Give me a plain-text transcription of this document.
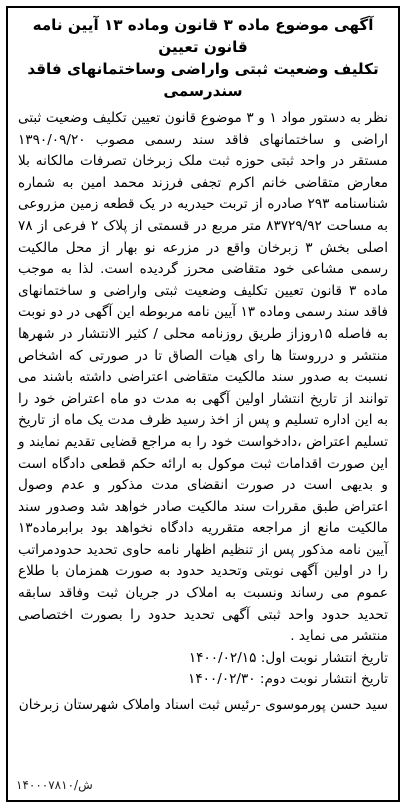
آگهی موضوع ماده ۳ قانون وماده ۱۳ آیین نامه قانون تعیین
تکلیف وضعیت ثبتی واراضی وساختمانهای فاقد سندرسمی

نظر به دستور مواد ۱ و ۳ موضوع قانون تعیین تکلیف وضعیت ثبتی اراضی و ساختمانهای فاقد سند رسمی مصوب ۱۳۹۰/۰۹/۲۰ مستقر در واحد ثبتی حوزه ثبت ملک زبرخان تصرفات مالکانه بلا معارض متقاضی خانم اکرم تجفی فرزند محمد امین به شماره شناسنامه ۲۹۳ صادره از تربت حیدریه در یک قطعه زمین مزروعی به مساحت ۸۳۷۲۹/۹۲ متر مربع در قسمتی از پلاک ۲ فرعی از ۷۸ اصلی بخش ۳ زبرخان واقع در مزرعه نو بهار از محل مالکیت رسمی مشاعی خود متقاضی محرز گردیده است. لذا به موجب ماده ۳ قانون تعیین تکلیف وضعیت ثبتی واراضی و ساختمانهای فاقد سند رسمی وماده ۱۳ آیین نامه مربوطه این آگهی در دو نوبت به فاصله ۱۵روزاز طریق روزنامه محلی / کثیر الانتشار در شهرها منتشر و درروستا ها رای هیات الصاق تا در صورتی که اشخاص نسبت به صدور سند مالکیت متقاضی اعتراضی داشته باشند می توانند از تاریخ انتشار اولین آگهی به مدت دو ماه اعتراض خود را به این اداره تسلیم و پس از اخذ رسید ظرف مدت یک ماه از تاریخ تسلیم اعتراض ،دادخواست خود را به مراجع قضایی تقدیم نمایند و این صورت اقدامات ثبت موکول به ارائه حکم قطعی دادگاه است و بدیهی است در صورت انقضای مدت مذکور و عدم وصول اعتراض طبق مقررات سند مالکیت صادر خواهد شد وصدور سند مالکیت مانع از مراجعه متقرریه دادگاه نخواهد بود برابرماده۱۳ آیین نامه مذکور پس از تنظیم اظهار نامه حاوی تحدید حدودمراتب را در اولین آگهی نوبتی وتحدید حدود به صورت همزمان با طلاع عموم می رساند ونسبت به املاک در جریان ثبت وفاقد سابقه تحدید حدود واحد ثبتی آگهی تحدید حدود را بصورت اختصاصی منتشر می نماید .

تاریخ انتشار نوبت اول: ۱۴۰۰/۰۲/۱۵

تاریخ انتشار نوبت دوم: ۱۴۰۰/۰۲/۳۰

سید حسن پورموسوی -رئیس ثبت اسناد واملاک شهرستان زبرخان

۱۴۰۰۰۷۸۱۰/ش
